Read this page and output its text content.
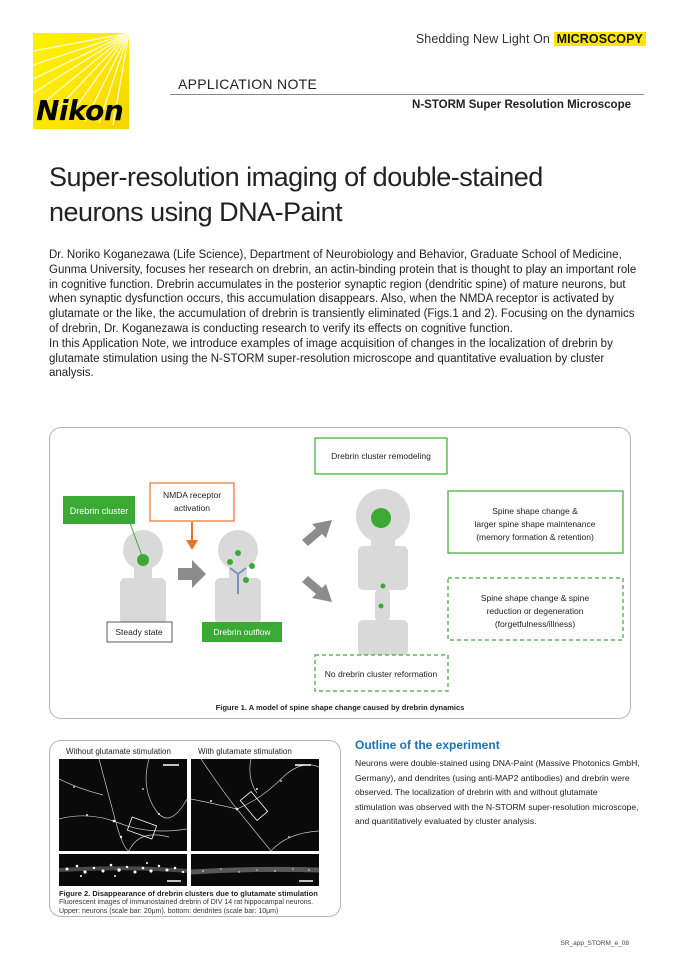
Nikon
Shedding New Light On MICROSCOPY
APPLICATION NOTE
N-STORM Super Resolution Microscope
Super-resolution imaging of double-stained
neurons using DNA-Paint

Dr. Noriko Koganezawa (Life Science), Department of Neurobiology and Behavior, Graduate School of Medicine, Gunma University, focuses her research on drebrin, an actin-binding protein that is thought to play an important role in cognitive function. Drebrin accumulates in the posterior synaptic region (dendritic spine) of mature neurons, but when synaptic dysfunction occurs, this accumulation disappears. Also, when the NMDA receptor is activated by glutamate or the like, the accumulation of drebrin is transiently eliminated (Figs.1 and 2). Focusing on the dynamics of drebrin, Dr. Koganezawa is conducting research to verify its effects on cognitive function.

In this Application Note, we introduce examples of image acquisition of changes in the localization of drebrin by glutamate stimulation using the N-STORM super-resolution microscope and quantitative evaluation by cluster analysis.

Drebrin cluster
Steady state
NMDA receptor
activation
Drebrin outflow
Drebrin cluster remodeling
Spine shape change &
larger spine shape maintenance
(memory formation & retention)
Spine shape change & spine
reduction or degeneration
(forgetfulness/illness)
No drebrin cluster reformation
Figure 1. A model of spine shape change caused by drebrin dynamics
Without glutamate stimulation	With glutamate stimulation
Figure 2. Disappearance of drebrin clusters due to glutamate stimulation
Fluorescent images of immunostained drebrin of DIV 14 rat hippocampal neurons.
Upper: neurons (scale bar: 20μm), bottom: dendrites (scale bar: 10μm)
Outline of the experiment
Neurons were double-stained using DNA-Paint (Massive Photonics GmbH, Germany), and dendrites (using anti-MAP2 antibodies) and drebrin were observed. The localization of drebrin with and without glutamate stimulation was observed with the N-STORM super-resolution microscope, and quantitatively evaluated by cluster analysis.
SR_app_STORM_e_08
